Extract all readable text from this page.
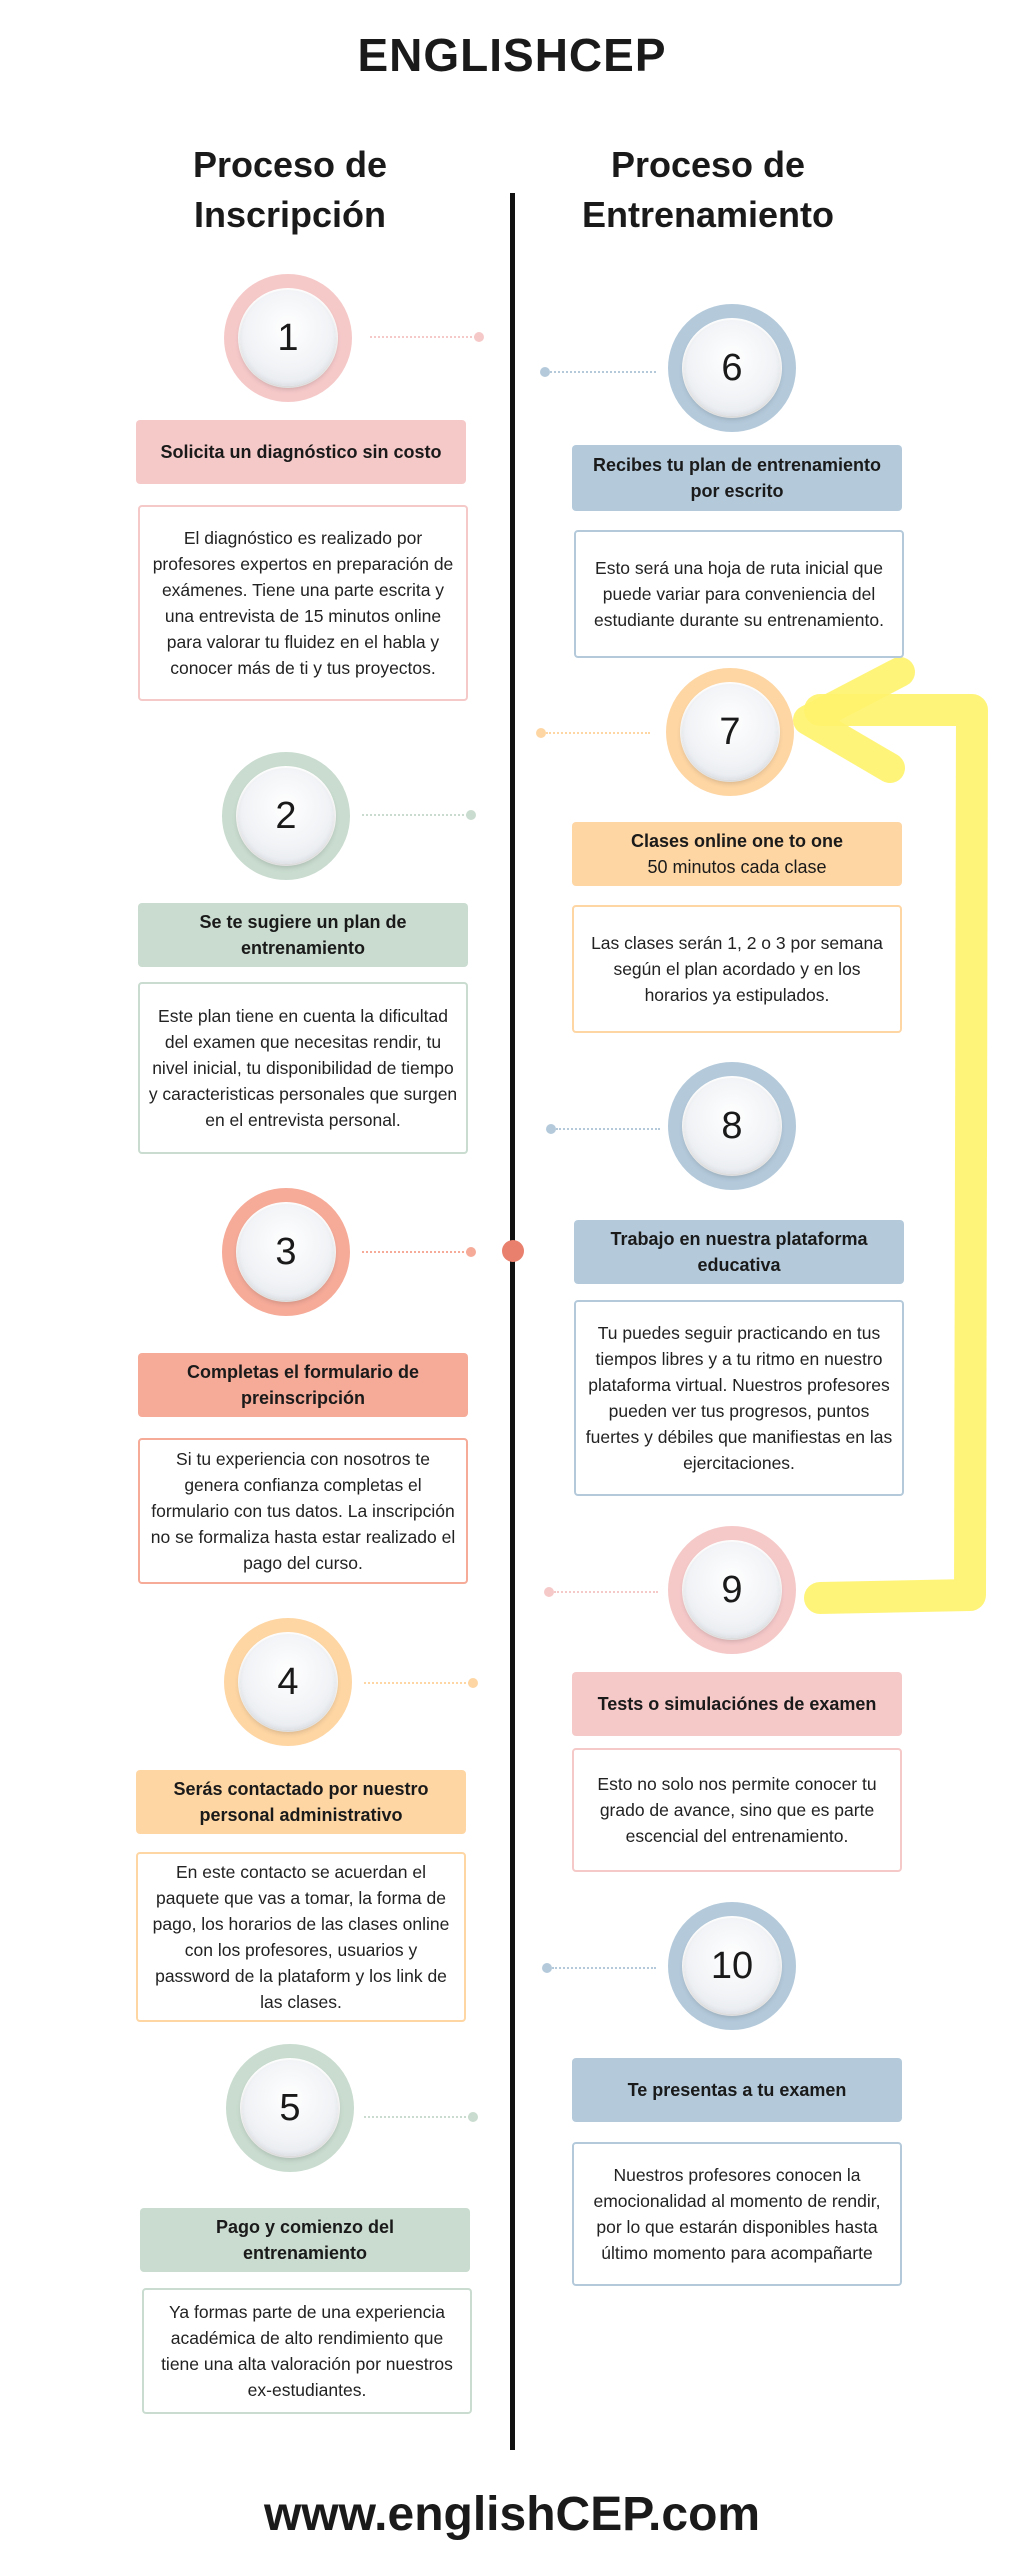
ENGLISHCEP
Proceso de
Inscripción
Proceso de
Entrenamiento
1
Solicita un diagnóstico sin costo
El diagnóstico es realizado por profesores expertos en preparación de exámenes. Tiene una parte escrita y una entrevista de 15 minutos online para valorar tu fluidez en el habla y conocer más de ti y tus proyectos.
6
Recibes tu plan de entrenamiento por escrito
Esto será una hoja de ruta inicial que puede variar para conveniencia del estudiante durante su entrenamiento.
7
Clases online one to one
50 minutos cada clase
Las clases serán 1, 2 o 3 por semana según el plan acordado y en los horarios ya estipulados.
2
Se te sugiere un plan de entrenamiento
Este plan tiene en cuenta la dificultad del examen que necesitas rendir, tu nivel inicial, tu disponibilidad de tiempo y caracteristicas personales que surgen en el entrevista personal.	8
Trabajo en nuestra plataforma educativa
Tu puedes seguir practicando en tus tiempos libres y a tu ritmo en nuestro plataforma virtual. Nuestros profesores pueden ver tus progresos, puntos fuertes y débiles que manifiestas en las ejercitaciones.
3
Completas el formulario de preinscripción
Si tu experiencia con nosotros te genera confianza completas el formulario con tus datos. La inscripción no se formaliza hasta estar realizado el pago del curso.
9
Tests o simulaciónes de examen
Esto no solo nos permite conocer tu grado de avance, sino que es parte escencial del entrenamiento.
4
Serás contactado por nuestro personal administrativo
En este contacto se acuerdan el paquete que vas a tomar, la forma de pago, los horarios de las clases online con los profesores, usuarios y password de la plataform y los link de las clases.
10
Te presentas a tu examen
Nuestros profesores conocen la emocionalidad al momento de rendir, por lo que estarán disponibles hasta último momento para acompañarte
5
Pago y comienzo del entrenamiento
Ya formas parte de una experiencia académica de alto rendimiento que tiene una alta valoración por nuestros ex-estudiantes.
www.englishCEP.com
